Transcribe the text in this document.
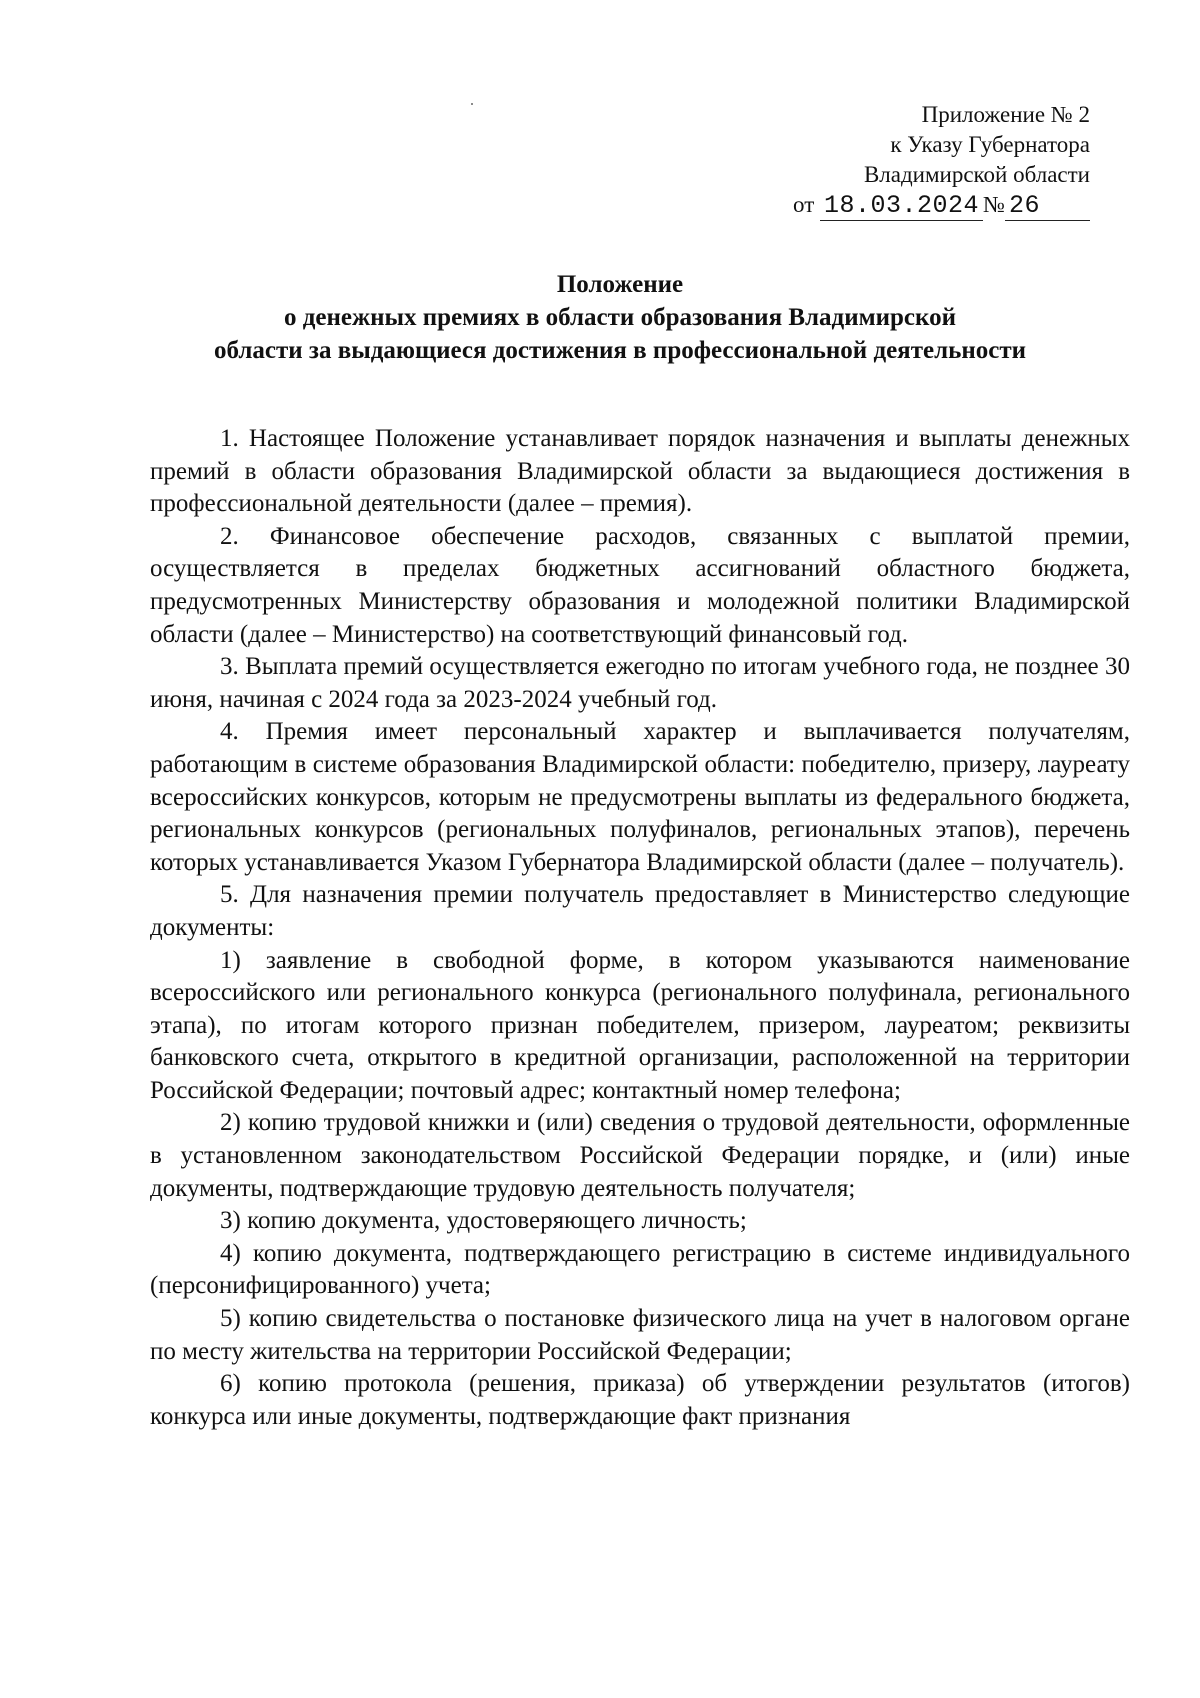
Приложение № 2
к Указу Губернатора
Владимирской области
от 18.03.2024 № 26
Положение
о денежных премиях в области образования Владимирской
области за выдающиеся достижения в профессиональной деятельности

1. Настоящее Положение устанавливает порядок назначения и выплаты денежных премий в области образования Владимирской области за выдающиеся достижения в профессиональной деятельности (далее – премия).

2. Финансовое обеспечение расходов, связанных с выплатой премии, осуществляется в пределах бюджетных ассигнований областного бюджета, предусмотренных Министерству образования и молодежной политики Владимирской области (далее – Министерство) на соответствующий финансовый год.

3. Выплата премий осуществляется ежегодно по итогам учебного года, не позднее 30 июня, начиная с 2024 года за 2023-2024 учебный год.

4. Премия имеет персональный характер и выплачивается получателям, работающим в системе образования Владимирской области: победителю, призеру, лауреату всероссийских конкурсов, которым не предусмотрены выплаты из федерального бюджета, региональных конкурсов (региональных полуфиналов, региональных этапов), перечень которых устанавливается Указом Губернатора Владимирской области (далее – получатель).

5. Для назначения премии получатель предоставляет в Министерство следующие документы:

1) заявление в свободной форме, в котором указываются наименование всероссийского или регионального конкурса (регионального полуфинала, регионального этапа), по итогам которого признан победителем, призером, лауреатом; реквизиты банковского счета, открытого в кредитной организации, расположенной на территории Российской Федерации; почтовый адрес; контактный номер телефона;

2) копию трудовой книжки и (или) сведения о трудовой деятельности, оформленные в установленном законодательством Российской Федерации порядке, и (или) иные документы, подтверждающие трудовую деятельность получателя;

3) копию документа, удостоверяющего личность;

4) копию документа, подтверждающего регистрацию в системе индивидуального (персонифицированного) учета;

5) копию свидетельства о постановке физического лица на учет в налоговом органе по месту жительства на территории Российской Федерации;

6) копию протокола (решения, приказа) об утверждении результатов (итогов) конкурса или иные документы, подтверждающие факт признания
